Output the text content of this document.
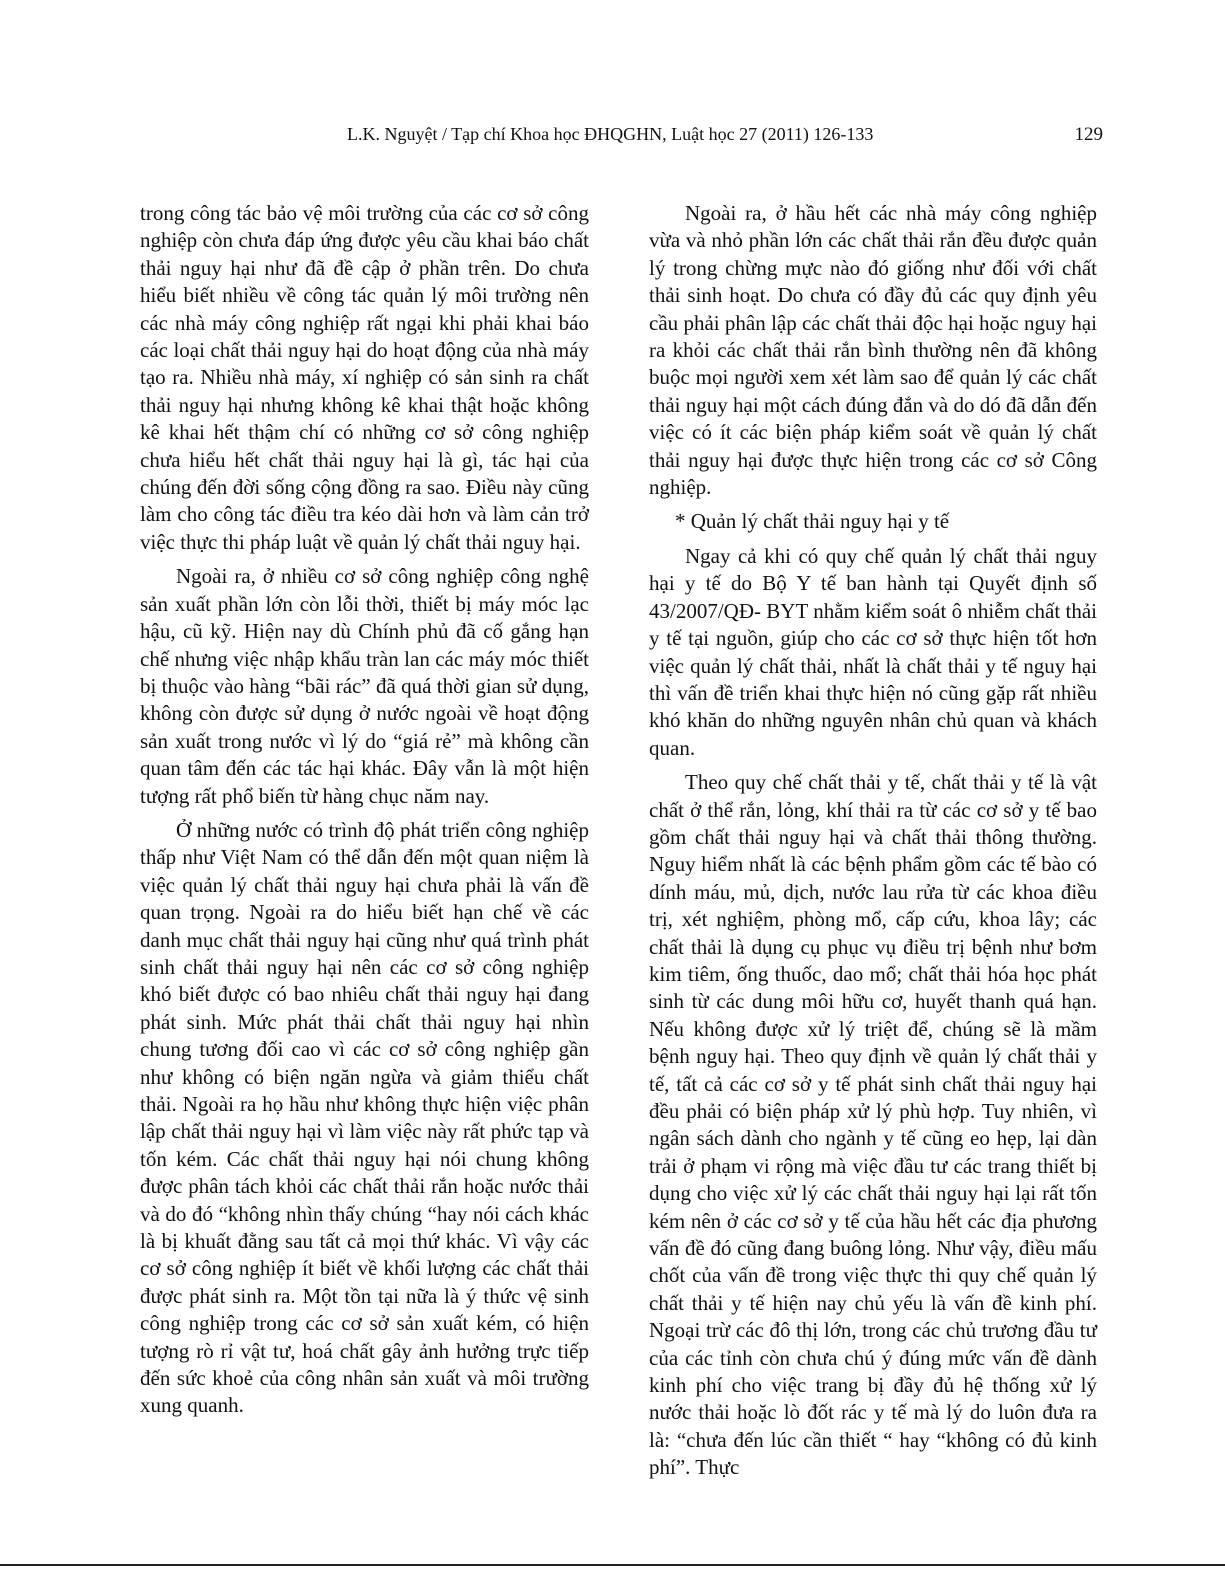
L.K. Nguyệt / Tạp chí Khoa học ĐHQGHN, Luật học 27 (2011) 126-133	129

trong công tác bảo vệ môi trường của các cơ sở công nghiệp còn chưa đáp ứng được yêu cầu khai báo chất thải nguy hại như đã đề cập ở phần trên. Do chưa hiểu biết nhiều về công tác quản lý môi trường nên các nhà máy công nghiệp rất ngại khi phải khai báo các loại chất thải nguy hại do hoạt động của nhà máy tạo ra. Nhiều nhà máy, xí nghiệp có sản sinh ra chất thải nguy hại nhưng không kê khai thật hoặc không kê khai hết thậm chí có những cơ sở công nghiệp chưa hiểu hết chất thải nguy hại là gì, tác hại của chúng đến đời sống cộng đồng ra sao. Điều này cũng làm cho công tác điều tra kéo dài hơn và làm cản trở việc thực thi pháp luật về quản lý chất thải nguy hại.

Ngoài ra, ở nhiều cơ sở công nghiệp công nghệ sản xuất phần lớn còn lỗi thời, thiết bị máy móc lạc hậu, cũ kỹ. Hiện nay dù Chính phủ đã cố gắng hạn chế nhưng việc nhập khẩu tràn lan các máy móc thiết bị thuộc vào hàng “bãi rác” đã quá thời gian sử dụng, không còn được sử dụng ở nước ngoài về hoạt động sản xuất trong nước vì lý do “giá rẻ” mà không cần quan tâm đến các tác hại khác. Đây vẫn là một hiện tượng rất phổ biến từ hàng chục năm nay.

Ở những nước có trình độ phát triển công nghiệp thấp như Việt Nam có thể dẫn đến một quan niệm là việc quản lý chất thải nguy hại chưa phải là vấn đề quan trọng. Ngoài ra do hiểu biết hạn chế về các danh mục chất thải nguy hại cũng như quá trình phát sinh chất thải nguy hại nên các cơ sở công nghiệp khó biết được có bao nhiêu chất thải nguy hại đang phát sinh. Mức phát thải chất thải nguy hại nhìn chung tương đối cao vì các cơ sở công nghiệp gần như không có biện ngăn ngừa và giảm thiểu chất thải. Ngoài ra họ hầu như không thực hiện việc phân lập chất thải nguy hại vì làm việc này rất phức tạp và tốn kém. Các chất thải nguy hại nói chung không được phân tách khỏi các chất thải rắn hoặc nước thải và do đó “không nhìn thấy chúng “hay nói cách khác là bị khuất đằng sau tất cả mọi thứ khác. Vì vậy các cơ sở công nghiệp ít biết về khối lượng các chất thải được phát sinh ra. Một tồn tại nữa là ý thức vệ sinh công nghiệp trong các cơ sở sản xuất kém, có hiện tượng rò rỉ vật tư, hoá chất gây ảnh hưởng trực tiếp đến sức khoẻ của công nhân sản xuất và môi trường xung quanh.

Ngoài ra, ở hầu hết các nhà máy công nghiệp vừa và nhỏ phần lớn các chất thải rắn đều được quản lý trong chừng mực nào đó giống như đối với chất thải sinh hoạt. Do chưa có đầy đủ các quy định yêu cầu phải phân lập các chất thải độc hại hoặc nguy hại ra khỏi các chất thải rắn bình thường nên đã không buộc mọi người xem xét làm sao để quản lý các chất thải nguy hại một cách đúng đắn và do dó đã dẫn đến việc có ít các biện pháp kiểm soát về quản lý chất thải nguy hại được thực hiện trong các cơ sở Công nghiệp.

* Quản lý chất thải nguy hại y tế

Ngay cả khi có quy chế quản lý chất thải nguy hại y tế do Bộ Y tế ban hành tại Quyết định số 43/2007/QĐ- BYT nhằm kiểm soát ô nhiễm chất thải y tế tại nguồn, giúp cho các cơ sở thực hiện tốt hơn việc quản lý chất thải, nhất là chất thải y tế nguy hại thì vấn đề triển khai thực hiện nó cũng gặp rất nhiều khó khăn do những nguyên nhân chủ quan và khách quan.

Theo quy chế chất thải y tế, chất thải y tế là vật chất ở thể rắn, lỏng, khí thải ra từ các cơ sở y tế bao gồm chất thải nguy hại và chất thải thông thường. Nguy hiểm nhất là các bệnh phẩm gồm các tế bào có dính máu, mủ, dịch, nước lau rửa từ các khoa điều trị, xét nghiệm, phòng mổ, cấp cứu, khoa lây; các chất thải là dụng cụ phục vụ điều trị bệnh như bơm kim tiêm, ống thuốc, dao mổ; chất thải hóa học phát sinh từ các dung môi hữu cơ, huyết thanh quá hạn. Nếu không được xử lý triệt để, chúng sẽ là mầm bệnh nguy hại. Theo quy định về quản lý chất thải y tế, tất cả các cơ sở y tế phát sinh chất thải nguy hại đều phải có biện pháp xử lý phù hợp. Tuy nhiên, vì ngân sách dành cho ngành y tế cũng eo hẹp, lại dàn trải ở phạm vi rộng mà việc đầu tư các trang thiết bị dụng cho việc xử lý các chất thải nguy hại lại rất tốn kém nên ở các cơ sở y tế của hầu hết các địa phương vấn đề đó cũng đang buông lỏng. Như vậy, điều mấu chốt của vấn đề trong việc thực thi quy chế quản lý chất thải y tế hiện nay chủ yếu là vấn đề kinh phí. Ngoại trừ các đô thị lớn, trong các chủ trương đầu tư của các tỉnh còn chưa chú ý đúng mức vấn đề dành kinh phí cho việc trang bị đầy đủ hệ thống xử lý nước thải hoặc lò đốt rác y tế mà lý do luôn đưa ra là: “chưa đến lúc cần thiết “ hay “không có đủ kinh phí”. Thực
